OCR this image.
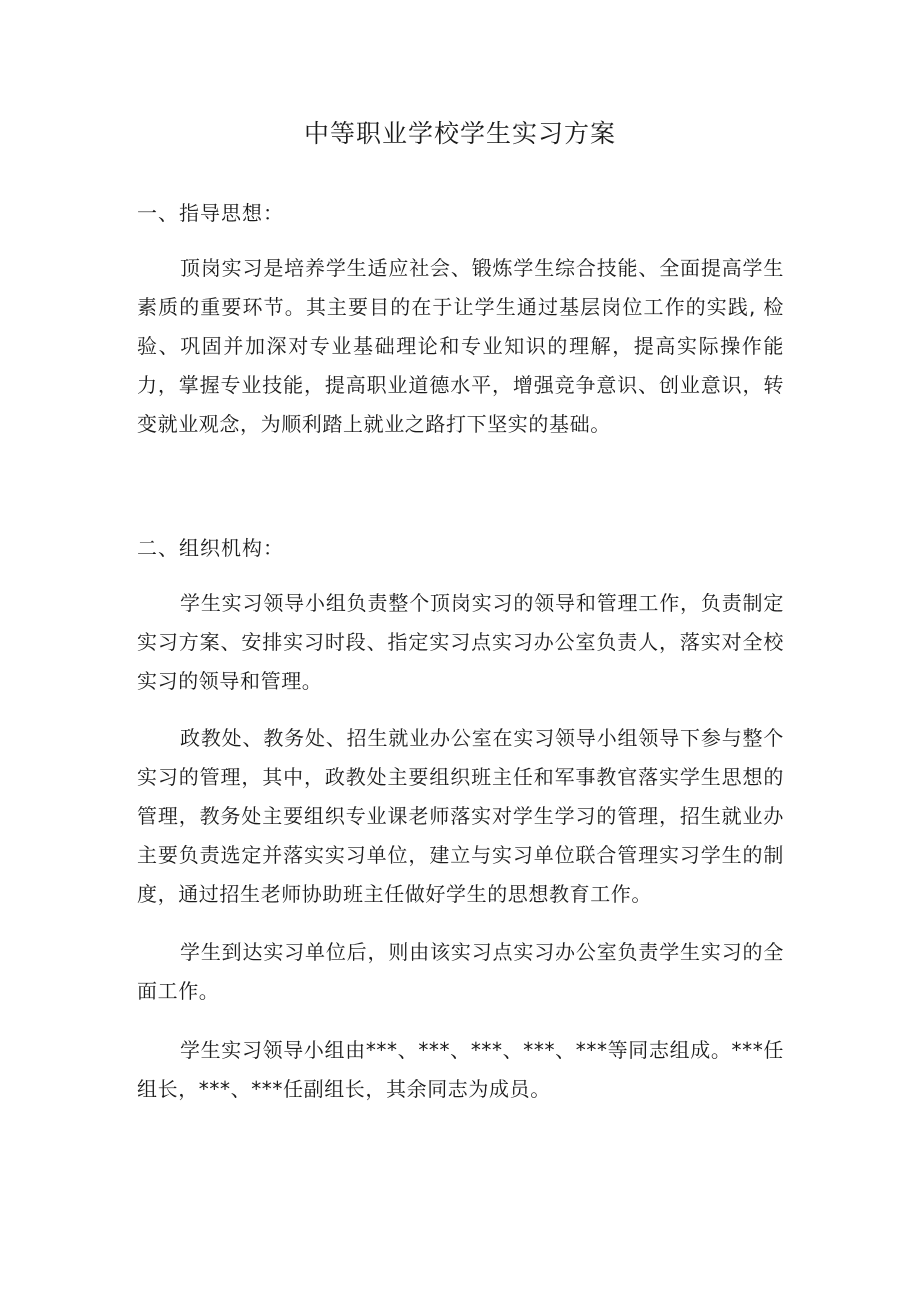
中等职业学校学生实习方案
一、指导思想：

顶岗实习是培养学生适应社会、锻炼学生综合技能、全面提高学生素质的重要环节。其主要目的在于让学生通过基层岗位工作的实践, 检验、巩固并加深对专业基础理论和专业知识的理解，提高实际操作能力，掌握专业技能，提高职业道德水平，增强竞争意识、创业意识，转变就业观念，为顺利踏上就业之路打下坚实的基础。

二、组织机构：

学生实习领导小组负责整个顶岗实习的领导和管理工作，负责制定实习方案、安排实习时段、指定实习点实习办公室负责人，落实对全校实习的领导和管理。

政教处、教务处、招生就业办公室在实习领导小组领导下参与整个实习的管理，其中，政教处主要组织班主任和军事教官落实学生思想的管理，教务处主要组织专业课老师落实对学生学习的管理，招生就业办主要负责选定并落实实习单位，建立与实习单位联合管理实习学生的制度，通过招生老师协助班主任做好学生的思想教育工作。

学生到达实习单位后，则由该实习点实习办公室负责学生实习的全面工作。

学生实习领导小组由***、***、***、***、***等同志组成。***任组长，***、***任副组长，其余同志为成员。
